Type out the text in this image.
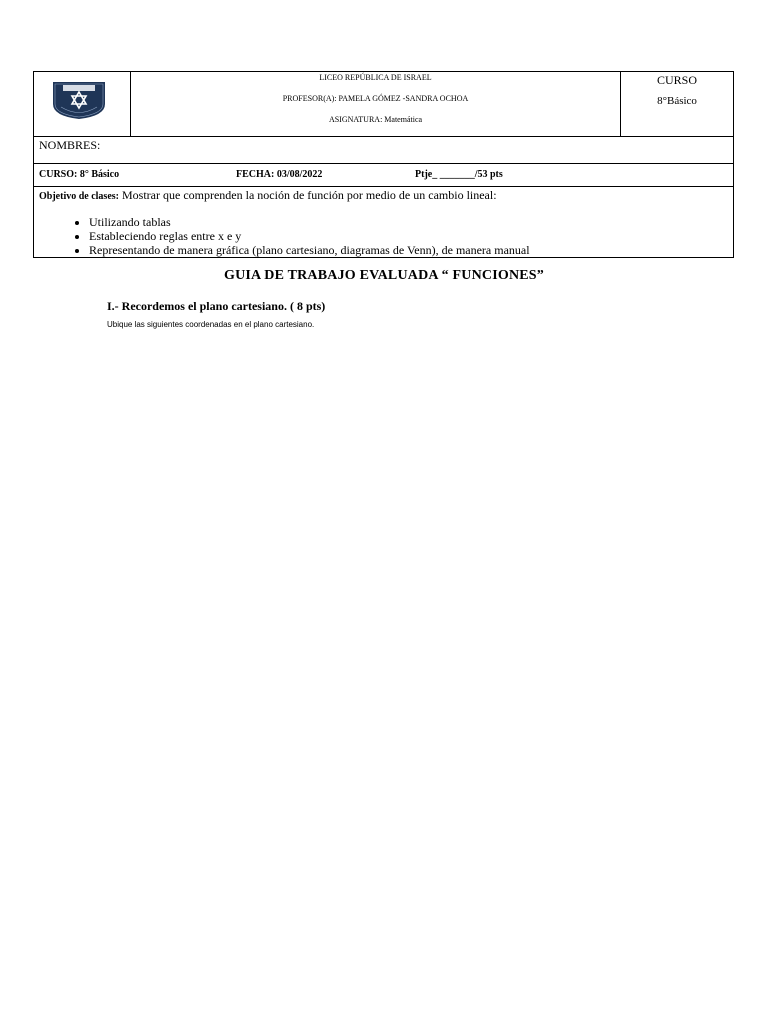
LICEO REPÚBLICA DE ISRAEL
PROFESOR(A): PAMELA GÓMEZ -SANDRA OCHOA
ASIGNATURA: Matemática

CURSO
8°Básico

NOMBRES:

CURSO: 8° Básico	FECHA: 03/08/2022	Ptje_ _______/53 pts

Objetivo de clases: Mostrar que comprenden la noción de función por medio de un cambio lineal:
• Utilizando tablas
• Estableciendo reglas entre x e y
• Representando de manera gráfica (plano cartesiano, diagramas de Venn), de manera manual
GUIA DE TRABAJO EVALUADA “ FUNCIONES”
I.- Recordemos el plano cartesiano. ( 8 pts)
Ubique las siguientes coordenadas en el plano cartesiano.
